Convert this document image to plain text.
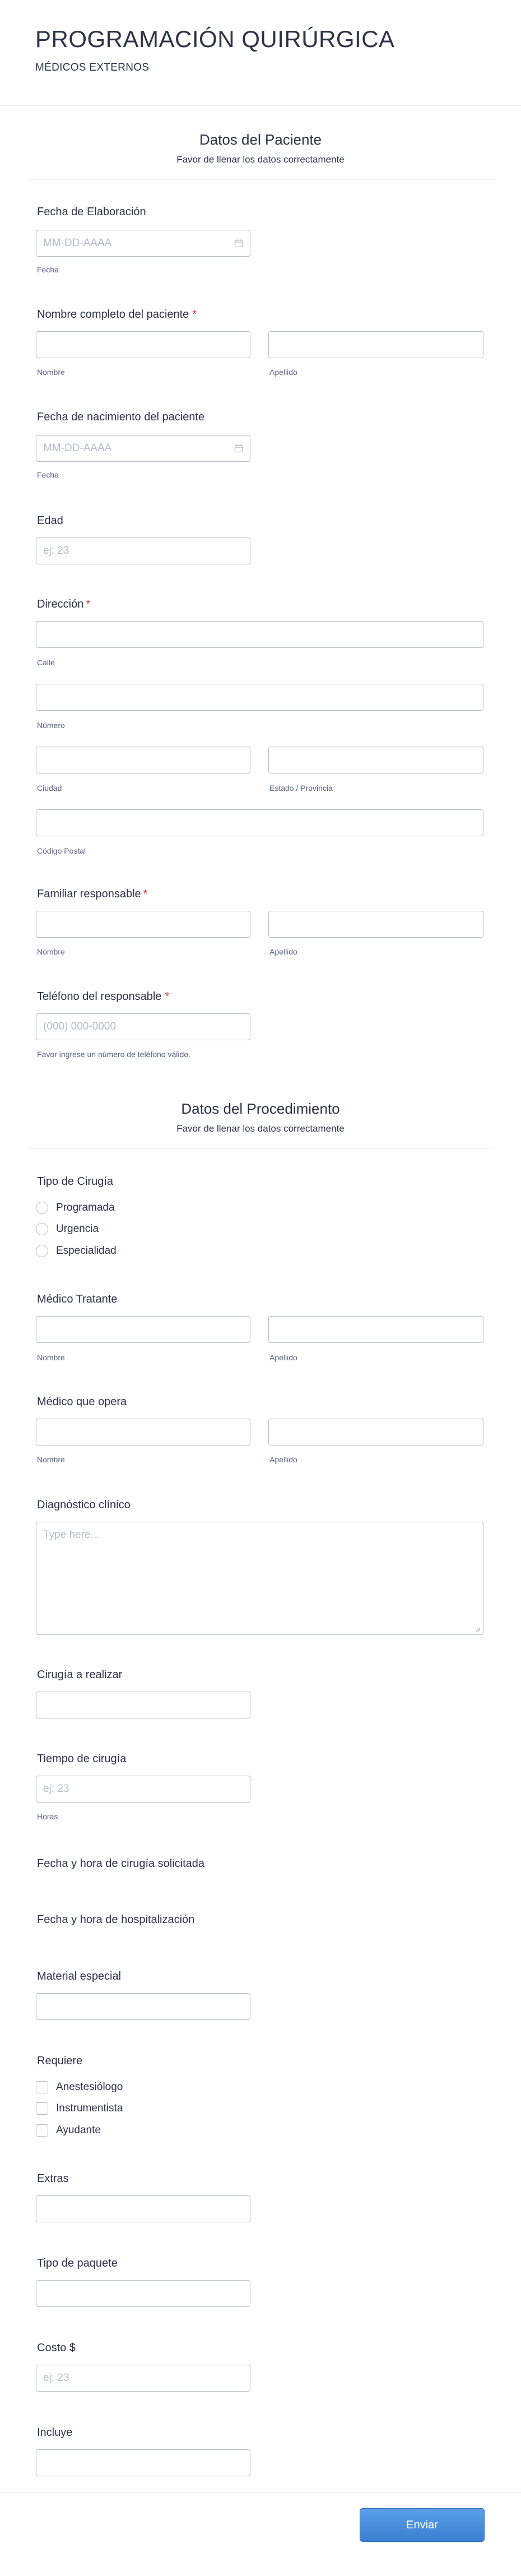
PROGRAMACIÓN QUIRÚRGICA
MÉDICOS EXTERNOS
Datos del Paciente
Favor de llenar los datos correctamente
Fecha de Elaboración
MM-DD-AAAA
Fecha
Nombre completo del paciente *
Nombre	Apellido
Fecha de nacimiento del paciente
MM-DD-AAAA
Fecha
Edad
ej: 23
Dirección *
Calle
Número
Ciudad	Estado / Provincia
Código Postal
Familiar responsable *
Nombre	Apellido
Teléfono del responsable *
(000) 000-0000
Favor ingrese un número de teléfono válido.
Datos del Procedimiento
Favor de llenar los datos correctamente
Tipo de Cirugía
Programada
Urgencia
Especialidad
Médico Tratante
Nombre	Apellido
Médico que opera
Nombre	Apellido
Diagnóstico clínico
Type here...
Cirugía a realizar
Tiempo de cirugía
ej: 23
Horas
Fecha y hora de cirugía solicitada
Fecha y hora de hospitalización
Material especial
Requiere
Anestesiólogo
Instrumentista
Ayudante
Extras
Tipo de paquete
Costo $
ej: 23
Incluye
Enviar
